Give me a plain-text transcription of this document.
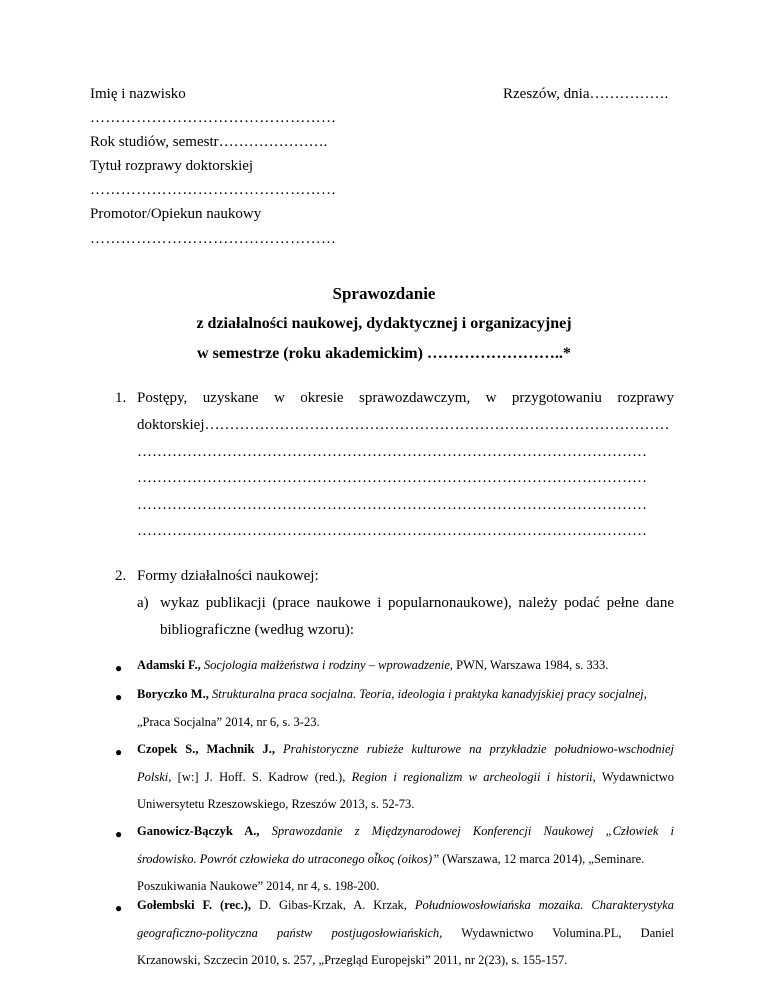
Imię i nazwisko	Rzeszów, dnia…………….
…………………………………………
Rok studiów, semestr………………….
Tytuł rozprawy doktorskiej
…………………………………………
Promotor/Opiekun naukowy
…………………………………………
Sprawozdanie
z działalności naukowej, dydaktycznej i organizacyjnej
w semestrze (roku akademickim) ……………………..*
1. Postępy, uzyskane w okresie sprawozdawczym, w przygotowaniu rozprawy
doktorskiej…………………………………………………………………………………
…………………………………………………………………………………………
…………………………………………………………………………………………
…………………………………………………………………………………………
…………………………………………………………………………………………
2. Formy działalności naukowej:
a) wykaz publikacji (prace naukowe i popularnonaukowe), należy podać pełne dane
bibliograficzne (według wzoru):
● Adamski F., Socjologia małżeństwa i rodziny – wprowadzenie, PWN, Warszawa 1984, s. 333.

● Boryczko M., Strukturalna praca socjalna. Teoria, ideologia i praktyka kanadyjskiej pracy socjalnej,

„Praca Socjalna” 2014, nr 6, s. 3-23.

● Czopek S., Machnik J., Prahistoryczne rubieże kulturowe na przykładzie południowo-wschodniej

Polski, [w:] J. Hoff. S. Kadrow (red.), Region i regionalizm w archeologii i historii, Wydawnictwo

Uniwersytetu Rzeszowskiego, Rzeszów 2013, s. 52-73.

● Ganowicz-Bączyk A., Sprawozdanie z Międzynarodowej Konferencji Naukowej „Człowiek i

środowisko. Powrót człowieka do utraconego oἶkoς (oikos)” (Warszawa, 12 marca 2014), „Seminare.

Poszukiwania Naukowe” 2014, nr 4, s. 198-200.

● Gołembski F. (rec.), D. Gibas-Krzak, A. Krzak, Południowosłowiańska mozaika. Charakterystyka

geograficzno-polityczna państw postjugosłowiańskich, Wydawnictwo Volumina.PL, Daniel

Krzanowski, Szczecin 2010, s. 257, „Przegląd Europejski” 2011, nr 2(23), s. 155-157.
